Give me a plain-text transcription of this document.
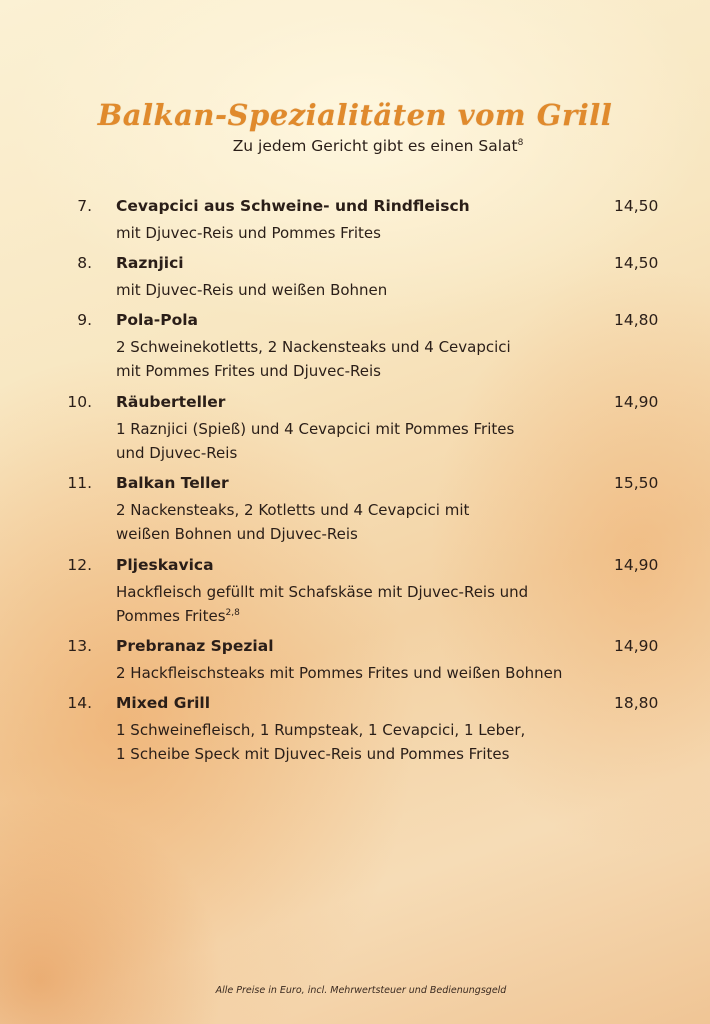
Balkan-Spezialitäten vom Grill
Zu jedem Gericht gibt es einen Salat$^8$
7. Cevapcici aus Schweine- und Rindfleisch	14,50
mit Djuvec-Reis und Pommes Frites
8. Raznjici	14,50
mit Djuvec-Reis und weißen Bohnen
9. Pola-Pola	14,80
2 Schweinekotletts, 2 Nackensteaks und 4 Cevapcici
mit Pommes Frites und Djuvec-Reis
10. Räuberteller	14,90
1 Raznjici (Spieß) und 4 Cevapcici mit Pommes Frites
und Djuvec-Reis
11. Balkan Teller	15,50
2 Nackensteaks, 2 Kotletts und 4 Cevapcici mit
weißen Bohnen und Djuvec-Reis
12. Pljeskavica	14,90
Hackfleisch gefüllt mit Schafskäse mit Djuvec-Reis und
Pommes Frites$^{2,8}$
13. Prebranaz Spezial	14,90
2 Hackfleischsteaks mit Pommes Frites und weißen Bohnen
14. Mixed Grill	18,80
1 Schweinefleisch, 1 Rumpsteak, 1 Cevapcici, 1 Leber,
1 Scheibe Speck mit Djuvec-Reis und Pommes Frites
Alle Preise in Euro, incl. Mehrwertsteuer und Bedienungsgeld
